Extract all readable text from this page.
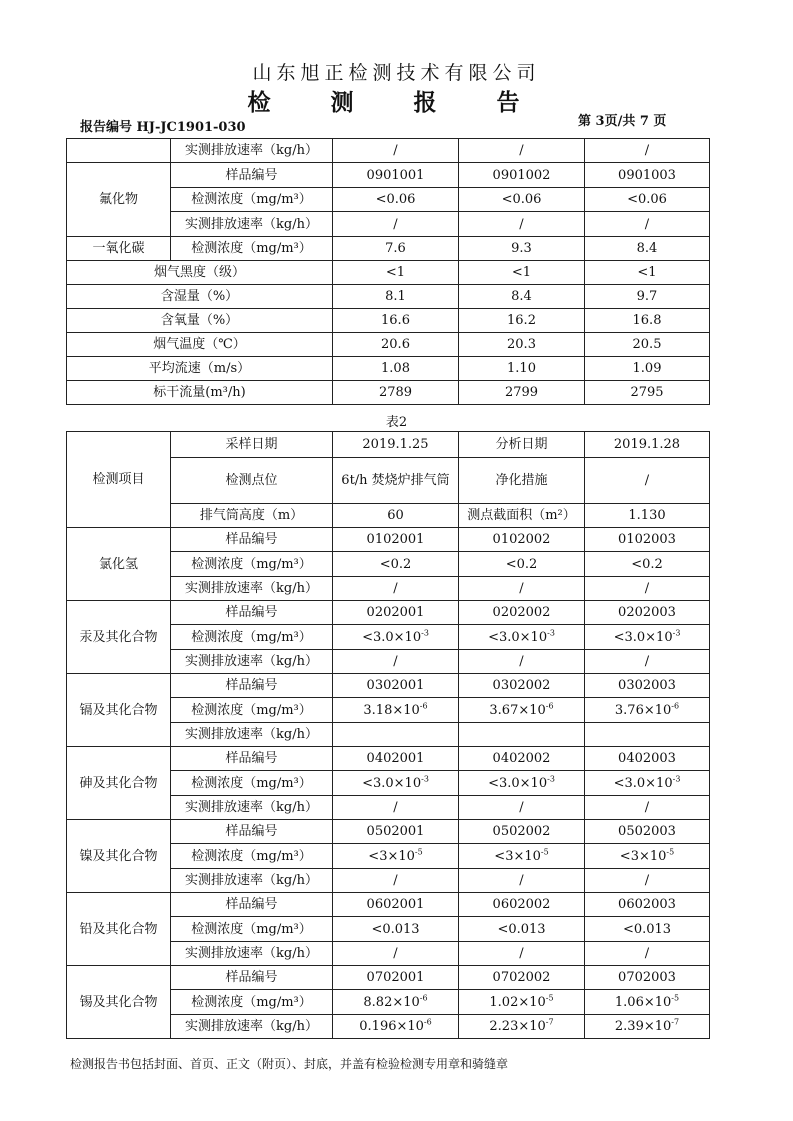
山东旭正检测技术有限公司
检 测 报 告
报告编号 HJ-JC1901-030	第 3页/共 7 页
	实测排放速率（kg/h）	/	/	/
氟化物	样品编号	0901001	0901002	0901003
	检测浓度（mg/m³）	<0.06	<0.06	<0.06
	实测排放速率（kg/h）	/	/	/
一氧化碳	检测浓度（mg/m³）	7.6	9.3	8.4
烟气黑度（级）		<1	<1	<1
含湿量（%）		8.1	8.4	9.7
含氧量（%）		16.6	16.2	16.8
烟气温度（℃）		20.6	20.3	20.5
平均流速（m/s）		1.08	1.10	1.09
标干流量(m³/h)		2789	2799	2795
表2
检测项目	采样日期	2019.1.25	分析日期	2019.1.28
	检测点位	6t/h 焚烧炉排气筒	净化措施	/
	排气筒高度（m）	60	测点截面积（m²）	1.130
氯化氢	样品编号	0102001	0102002	0102003
	检测浓度（mg/m³）	<0.2	<0.2	<0.2
	实测排放速率（kg/h）	/	/	/
汞及其化合物	样品编号	0202001	0202002	0202003
	检测浓度（mg/m³）	$<3.0\times 10^{-3}$	$<3.0\times 10^{-3}$	$<3.0\times 10^{-3}$
	实测排放速率（kg/h）	/	/	/
镉及其化合物	样品编号	0302001	0302002	0302003
	检测浓度（mg/m³）	$3.18\times 10^{-6}$	$3.67\times 10^{-6}$	$3.76\times 10^{-6}$
	实测排放速率（kg/h）			
砷及其化合物	样品编号	0402001	0402002	0402003
	检测浓度（mg/m³）	$<3.0\times 10^{-3}$	$<3.0\times 10^{-3}$	$<3.0\times 10^{-3}$
	实测排放速率（kg/h）	/	/	/
镍及其化合物	样品编号	0502001	0502002	0502003
	检测浓度（mg/m³）	$<3\times 10^{-5}$	$<3\times 10^{-5}$	$<3\times 10^{-5}$
	实测排放速率（kg/h）	/	/	/
铅及其化合物	样品编号	0602001	0602002	0602003
	检测浓度（mg/m³）	<0.013	<0.013	<0.013
	实测排放速率（kg/h）	/	/	/
锡及其化合物	样品编号	0702001	0702002	0702003
	检测浓度（mg/m³）	$8.82\times 10^{-6}$	$1.02\times 10^{-5}$	$1.06\times 10^{-5}$
	实测排放速率（kg/h）	$0.196\times 10^{-6}$	$2.23\times 10^{-7}$	$2.39\times 10^{-7}$
检测报告书包括封面、首页、正文（附页）、封底，并盖有检验检测专用章和骑缝章
